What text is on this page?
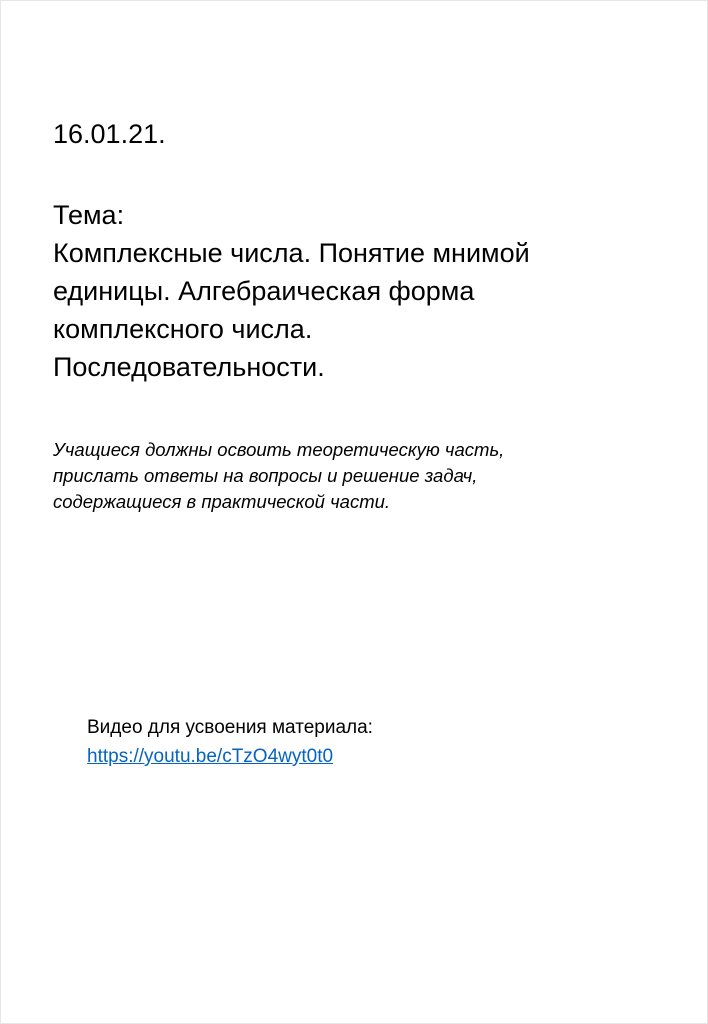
16.01.21.
Тема:
Комплексные числа. Понятие мнимой
единицы. Алгебраическая форма
комплексного числа.
Последовательности.
Учащиеся должны освоить теоретическую часть,
прислать ответы на вопросы и решение задач,
содержащиеся в практической части.
Видео для усвоения материала:
https://youtu.be/cTzO4wyt0t0
